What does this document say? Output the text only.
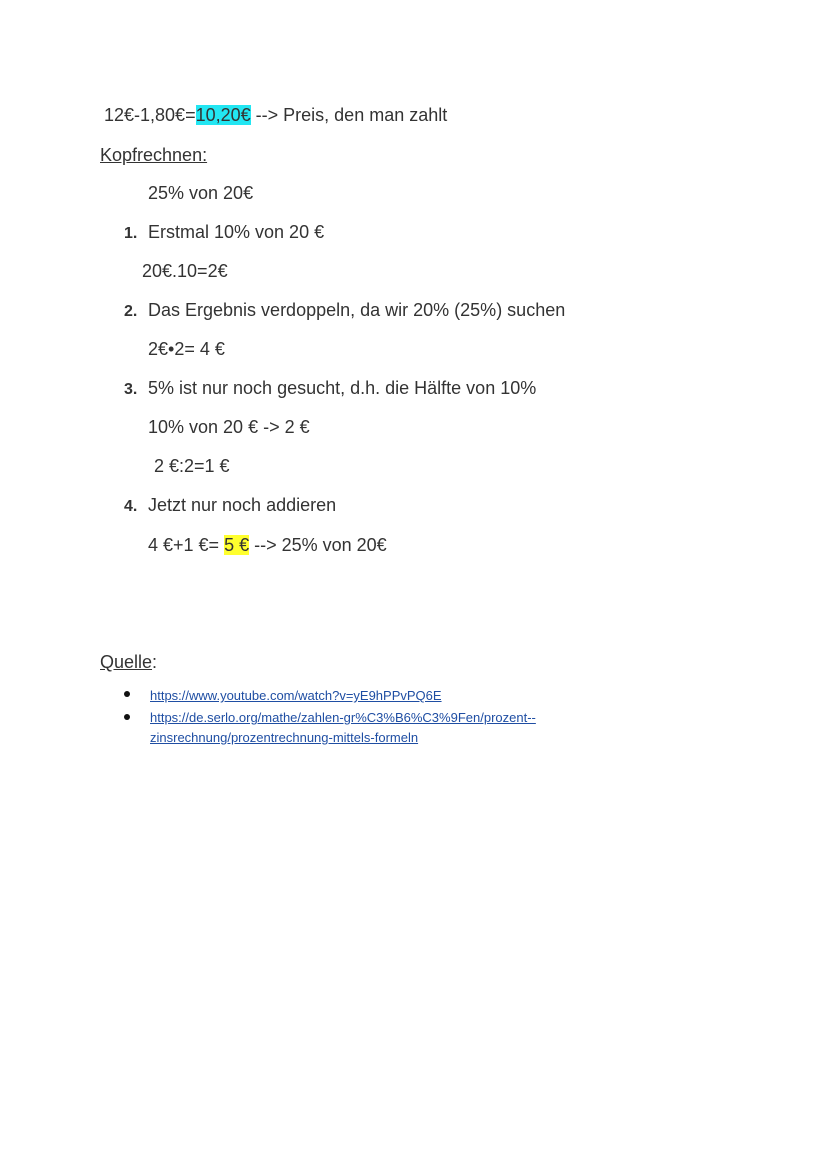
12€-1,80€=10,20€ --> Preis, den man zahlt
Kopfrechnen:
25% von 20€
1. Erstmal 10% von 20 €
20€.10=2€
2. Das Ergebnis verdoppeln, da wir 20% (25%) suchen
2€•2= 4 €
3. 5% ist nur noch gesucht, d.h. die Hälfte von 10%
10% von 20 € -> 2 €
2 €:2=1 €
4. Jetzt nur noch addieren
4 €+1 €= 5 € --> 25% von 20€
Quelle:
https://www.youtube.com/watch?v=yE9hPPvPQ6E
https://de.serlo.org/mathe/zahlen-gr%C3%B6%C3%9Fen/prozent--
zinsrechnung/prozentrechnung-mittels-formeln
